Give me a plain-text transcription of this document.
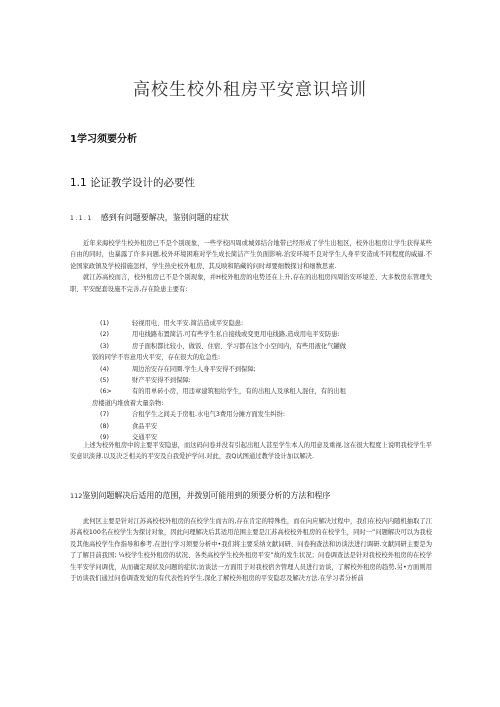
高校生校外租房平安意识培训
1学习须要分析
1.1 论证教学设计的必要性
1.1.1 感到有问题要解决，鉴别问题的症状

近年来海校学生校外租房已不是个别现象，一些学校四周或城郊结合地带已经形成了学生出租区，校外出租房让学生获得某些自由的同时，也暴露了许多问题,校外环境困难对学生成长简洁产生负面影响.治安环境不良对学生人身平安造成不同程度的威逼.不论国家政镇及学校措施怎样，学生热史校外租房，其反映和陷藏的问时却要细数探讨和细数思素.

就江苏高校而言，校外租房已不是个别现象，并H校外租房的电势还在上升,存在的出租房四周治安环境差、大多数房东管理失职、平安配套设施不完善,存在险患主要有:

(1)	轻视用电、用火平安.简洁造成平安隐患:
(2)	用电线路布置简洁.可有些学生私自接线或变更用电线路,造成用电平安防患:
(3)	房子面积都比较小，做饭、住宿、学习都在这个小空间内，有些用液化气罐做
饭的同学不容意用火平安，存在很大的危急性:
(4)	周边治安存在同圈.学生人身平安得不到保障;
(5)	财产平安得不到保障:
(6>	有的用单砖小房，用违章建筑租给学生，有的出租人及承租人混住，有的出租
房楼道内堆放着大量杂物:
(7)	合租学生之间关于房租.水电气3费用分摊方面发生纠纷:
(8)	食品平安
(9)	交通平安

上述为校外租房中的主要平安隐患，而这码问卷并没有引起出租人甚至学生本人的用意及重视.这在很大程度上说明我校学生平安意识淡薄.以及决乏相关的平安及自我爱护学问.对此，我Q试图通过教学设计加以解决.

112鉴别问题解决后适用的范围，并拨别可能用到的须要分析的方法和程序

此何区主要是针对江苏高校校外租房的在校学生而古的,存在肯定的特殊性，而在向应解决过程中，我们在校内内随机抽取了江苏高校100名在校学生为探讨对象，因此问理解决后其适用范围主要是江苏高校校外租房的在校学生，同时一”问题解决可以为我校及其他高校学生作指导和参考.在进行学习须要分析中•我们将主要采纳文献词研、问卷狗查法和访谈法进行调研.文献同研主要是为了了解目前我国; ¼校学生校外租房的状况、各类高校学生校外租房平安”故的发生状况；问卷调查法是针对我校校外租房的在校学生平安学问调优，从而确定现状及问题的症状;访谈法一方面用于对我校宿舍管理人员进行访谈，了解校外租房的趋势,另•方面则用于访谈我们通过问卷调查发觉的有代表性的学生,深化了解校外租房的平安隐忍及解决方法.在学习者分析前
